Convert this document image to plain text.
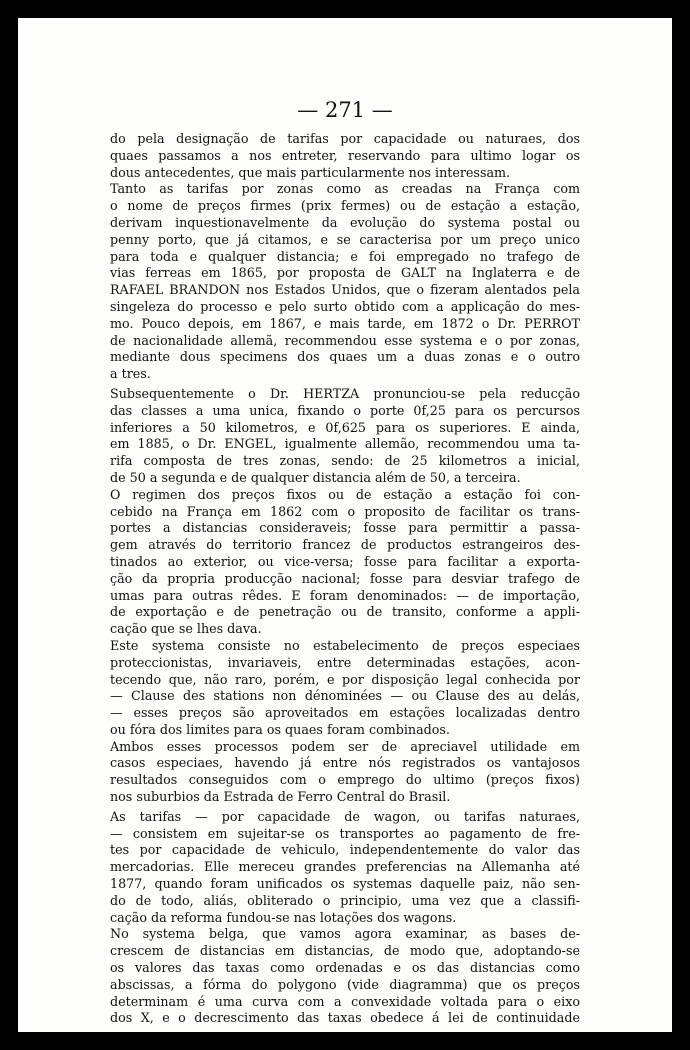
— 271 —
do pela designação de tarifas por capacidade ou naturaes, dos
quaes passamos a nos entreter, reservando para ultimo logar os
dous antecedentes, que mais particularmente nos interessam.
Tanto as tarifas por zonas como as creadas na França com
o nome de preços firmes (prix fermes) ou de estação a estação,
derivam inquestionavelmente da evolução do systema postal ou
penny porto, que já citamos, e se caracterisa por um preço unico
para toda e qualquer distancia; e foi empregado no trafego de
vias ferreas em 1865, por proposta de GALT na Inglaterra e de
RAFAEL BRANDON nos Estados Unidos, que o fizeram alentados pela
singeleza do processo e pelo surto obtido com a applicação do mes-
mo. Pouco depois, em 1867, e mais tarde, em 1872 o Dr. PERROT
de nacionalidade allemã, recommendou esse systema e o por zonas,
mediante dous specimens dos quaes um a duas zonas e o outro
a tres.
Subsequentemente o Dr. HERTZA pronunciou-se pela reducção
das classes a uma unica, fixando o porte 0f,25 para os percursos
inferiores a 50 kilometros, e 0f,625 para os superiores. E ainda,
em 1885, o Dr. ENGEL, igualmente allemão, recommendou uma ta-
rifa composta de tres zonas, sendo: de 25 kilometros a inicial,
de 50 a segunda e de qualquer distancia além de 50, a terceira.
O regimen dos preços fixos ou de estação a estação foi con-
cebido na França em 1862 com o proposito de facilitar os trans-
portes a distancias consideraveis; fosse para permittir a passa-
gem através do territorio francez de productos estrangeiros des-
tinados ao exterior, ou vice-versa; fosse para facilitar a exporta-
ção da propria producção nacional; fosse para desviar trafego de
umas para outras rêdes. E foram denominados: — de importação,
de exportação e de penetração ou de transito, conforme a appli-
cação que se lhes dava.
Este systema consiste no estabelecimento de preços especiaes
proteccionistas, invariaveis, entre determinadas estações, acon-
tecendo que, não raro, porém, e por disposição legal conhecida por
— Clause des stations non dénominées — ou Clause des au delás,
— esses preços são aproveitados em estações localizadas dentro
ou fóra dos limites para os quaes foram combinados.
Ambos esses processos podem ser de apreciavel utilidade em
casos especiaes, havendo já entre nós registrados os vantajosos
resultados conseguidos com o emprego do ultimo (preços fixos)
nos suburbios da Estrada de Ferro Central do Brasil.
As tarifas — por capacidade de wagon, ou tarifas naturaes,
— consistem em sujeitar-se os transportes ao pagamento de fre-
tes por capacidade de vehiculo, independentemente do valor das
mercadorias. Elle mereceu grandes preferencias na Allemanha até
1877, quando foram unificados os systemas daquelle paiz, não sen-
do de todo, aliás, obliterado o principio, uma vez que a classifi-
cação da reforma fundou-se nas lotações dos wagons.
No systema belga, que vamos agora examinar, as bases de-
crescem de distancias em distancias, de modo que, adoptando-se
os valores das taxas como ordenadas e os das distancias como
abscissas, a fórma do polygono (vide diagramma) que os preços
determinam é uma curva com a convexidade voltada para o eixo
dos X, e o decrescimento das taxas obedece á lei de continuidade
